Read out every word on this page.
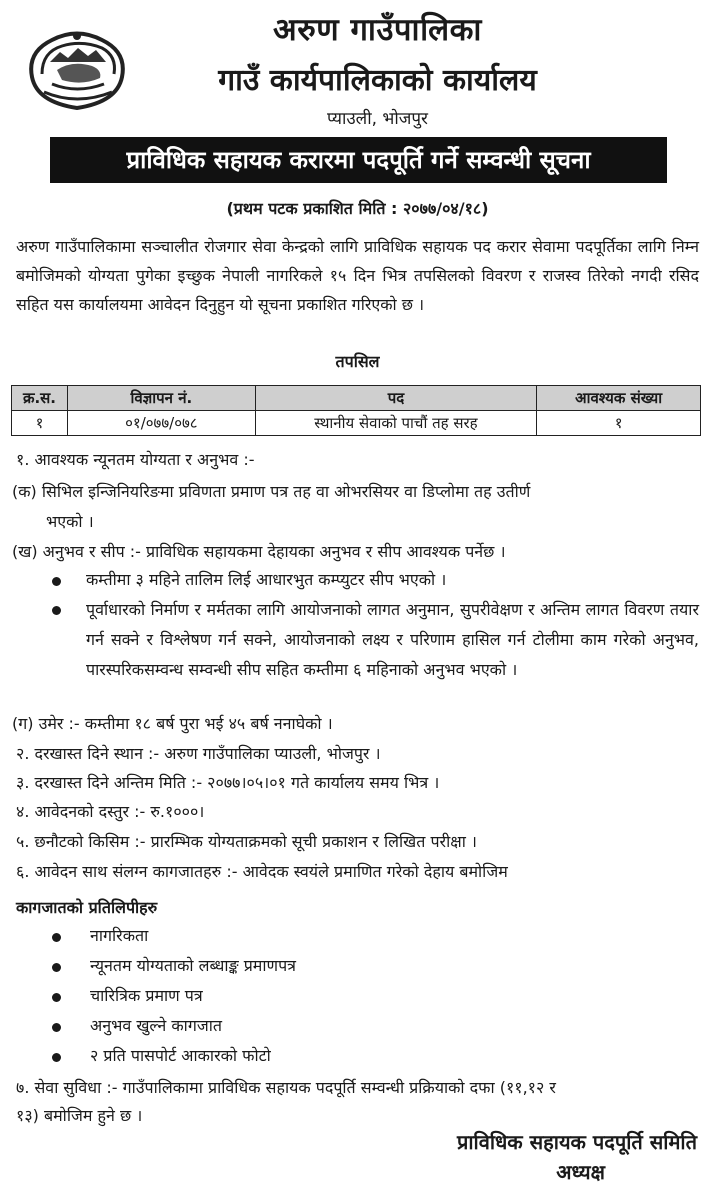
अरुण गाउँपालिका
गाउँ कार्यपालिकाको कार्यालय
प्याउली, भोजपुर
प्राविधिक सहायक करारमा पदपूर्ति गर्ने सम्वन्धी सूचना
(प्रथम पटक प्रकाशित मिति : २०७७/०४/१८)
अरुण गाउँपालिकामा सञ्चालीत रोजगार सेवा केन्द्रको लागि प्राविधिक सहायक पद करार सेवामा पदपूर्तिका लागि निम्न बमोजिमको योग्यता पुगेका इच्छुक नेपाली नागरिकले १५ दिन भित्र तपसिलको विवरण र राजस्व तिरेको नगदी रसिद सहित यस कार्यालयमा आवेदन दिनुहुन यो सूचना प्रकाशित गरिएको छ ।
तपसिल
क्र.स.	विज्ञापन नं.	पद	आवश्यक संख्या
१	०१/०७७/०७८	स्थानीय सेवाको पाचौं तह सरह	१
१. आवश्यक न्यूनतम योग्यता र अनुभव :-
(क) सिभिल इन्जिनियरिङमा प्रविणता प्रमाण पत्र तह वा ओभरसियर वा डिप्लोमा तह उतीर्ण
भएको ।
(ख) अनुभव र सीप :- प्राविधिक सहायकमा देहायका अनुभव र सीप आवश्यक पर्नेछ ।
कम्तीमा ३ महिने तालिम लिई आधारभुत कम्प्युटर सीप भएको ।
पूर्वाधारको निर्माण र मर्मतका लागि आयोजनाको लागत अनुमान, सुपरीवेक्षण र अन्तिम लागत विवरण तयार गर्न सक्ने र विश्लेषण गर्न सक्ने, आयोजनाको लक्ष्य र परिणाम हासिल गर्न टोलीमा काम गरेको अनुभव, पारस्परिकसम्वन्ध सम्वन्धी सीप सहित कम्तीमा ६ महिनाको अनुभव भएको ।
(ग) उमेर :- कम्तीमा १८ बर्ष पुरा भई ४५ बर्ष ननाघेको ।
२. दरखास्त दिने स्थान :- अरुण गाउँपालिका प्याउली, भोजपुर ।
३. दरखास्त दिने अन्तिम मिति :- २०७७।०५।०१ गते कार्यालय समय भित्र ।
४. आवेदनको दस्तुर :- रु.१०००।
५. छनौटको किसिम :- प्रारम्भिक योग्यताक्रमको सूची प्रकाशन र लिखित परीक्षा ।
६. आवेदन साथ संलग्न कागजातहरु :- आवेदक स्वयंले प्रमाणित गरेको देहाय बमोजिम
कागजातको प्रतिलिपीहरु
नागरिकता
न्यूनतम योग्यताको लब्धाङ्क प्रमाणपत्र
चारित्रिक प्रमाण पत्र
अनुभव खुल्ने कागजात
२ प्रति पासपोर्ट आकारको फोटो
७. सेवा सुविधा :- गाउँपालिकामा प्राविधिक सहायक पदपूर्ति सम्वन्धी प्रक्रियाको दफा (११,१२ र
१३) बमोजिम हुने छ ।
प्राविधिक सहायक पदपूर्ति समिति
अध्यक्ष
